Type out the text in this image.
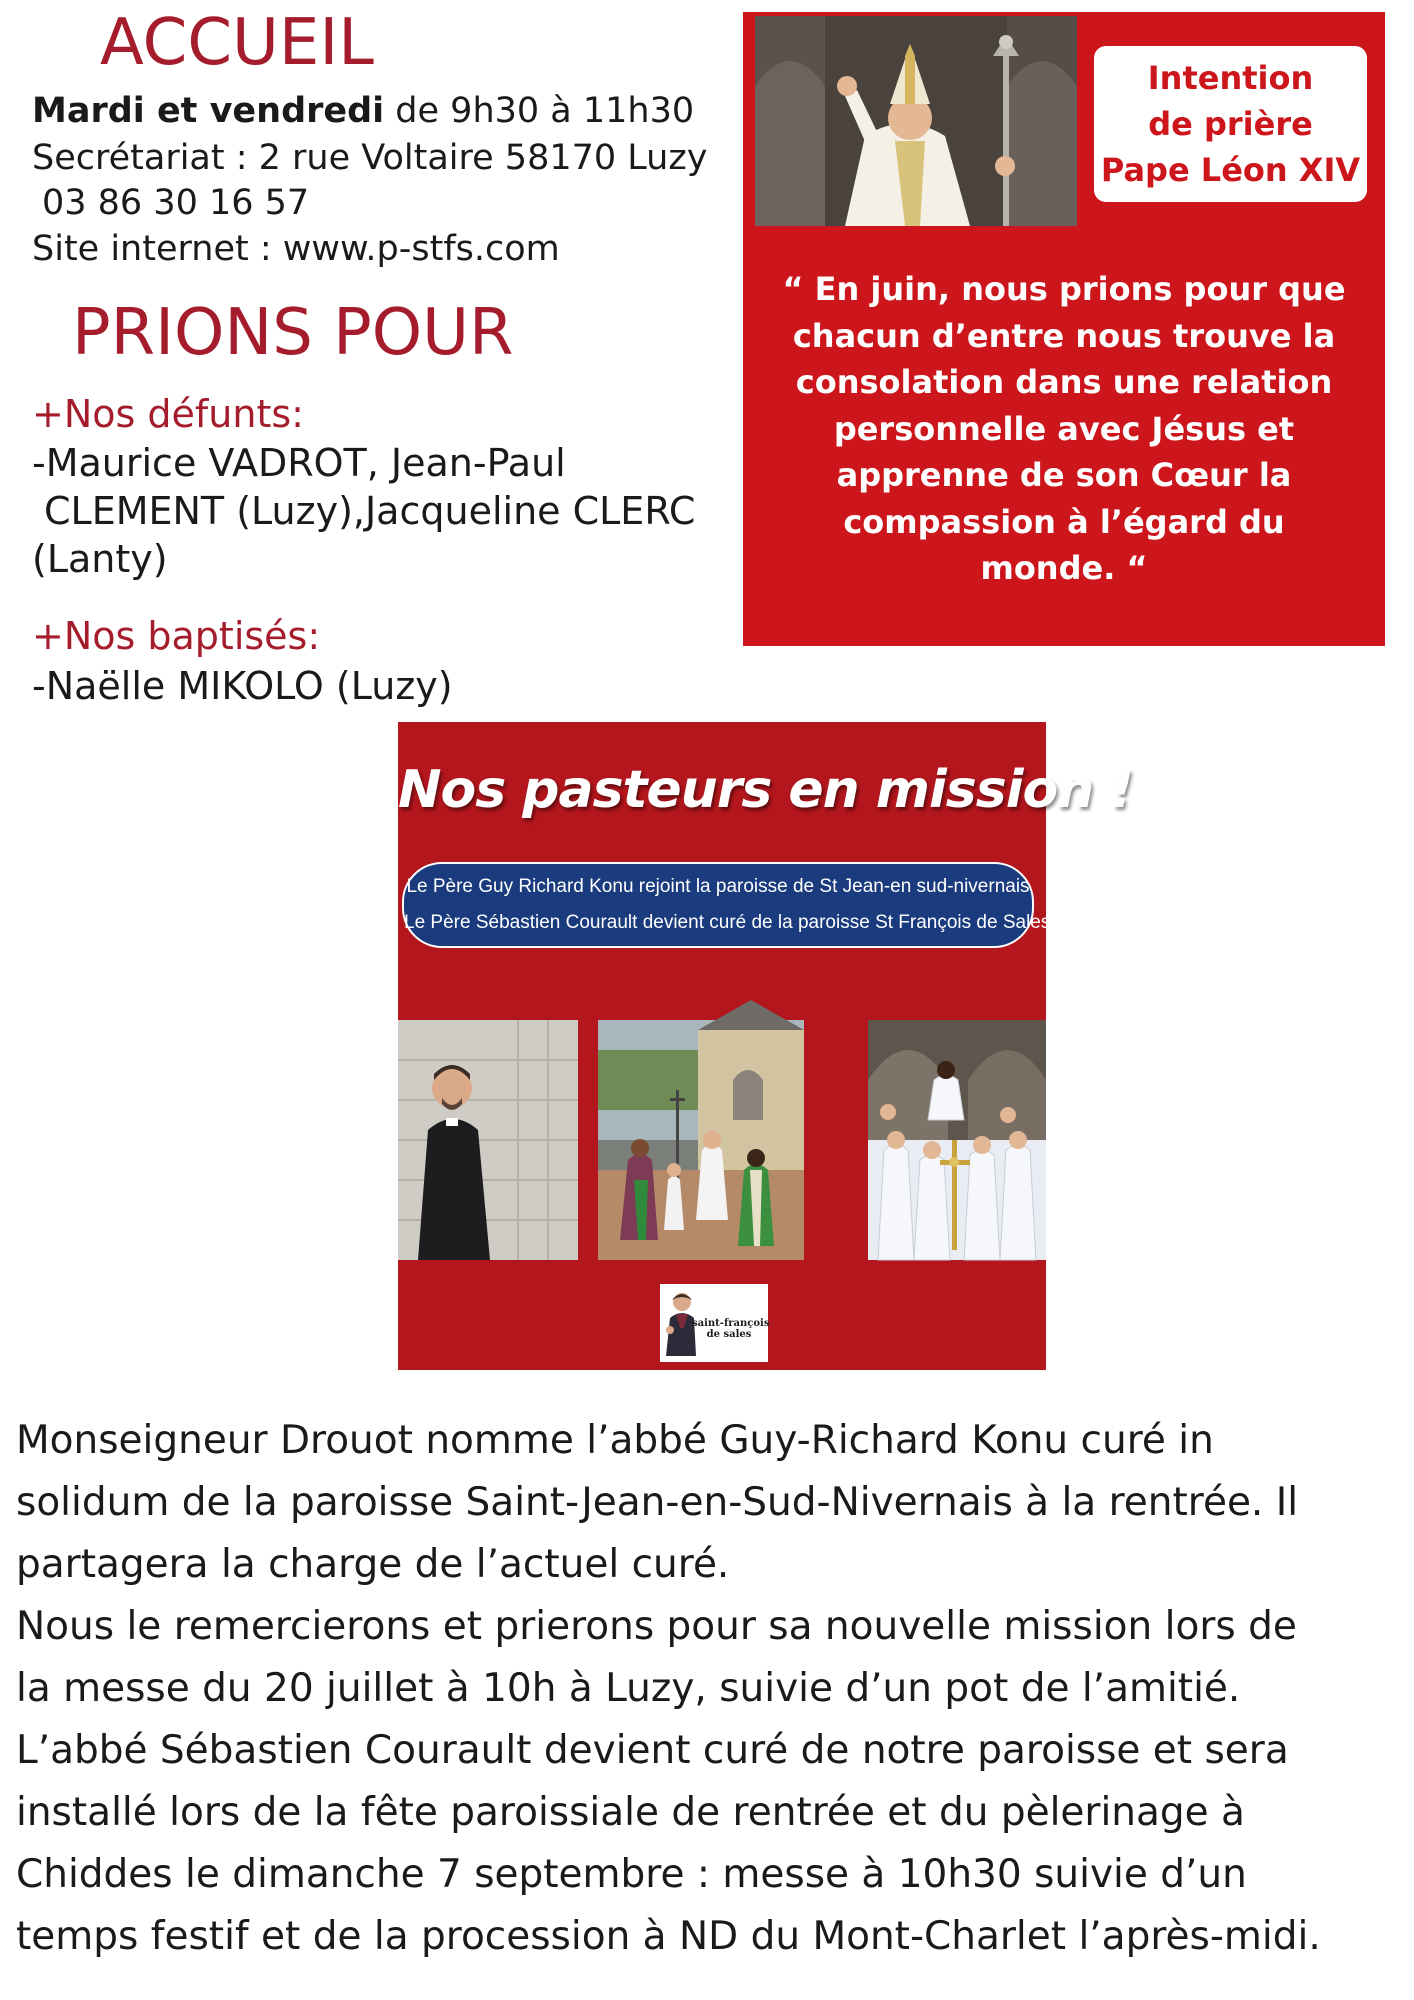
ACCUEIL
Mardi et vendredi de 9h30 à 11h30
Secrétariat : 2 rue Voltaire 58170 Luzy
03 86 30 16 57
Site internet : www.p-stfs.com
PRIONS POUR
+Nos défunts:
-Maurice VADROT, Jean-Paul
CLEMENT (Luzy),Jacqueline CLERC
(Lanty)
+Nos baptisés:
-Naëlle MIKOLO (Luzy)
Intention
de prière
Pape Léon XIV
“ En juin, nous prions pour que
chacun d’entre nous trouve la
consolation dans une relation
personnelle avec Jésus et
apprenne de son Cœur la
compassion à l’égard du
monde. “
Nos pasteurs en mission !
Le Père Guy Richard Konu rejoint la paroisse de St Jean-en sud-nivernais
Le Père Sébastien Courault devient curé de la paroisse St François de Sales
saint-françois
de sales
Monseigneur Drouot nomme l’abbé Guy-Richard Konu curé in
solidum de la paroisse Saint-Jean-en-Sud-Nivernais à la rentrée. Il
partagera la charge de l’actuel curé.
Nous le remercierons et prierons pour sa nouvelle mission lors de
la messe du 20 juillet à 10h à Luzy, suivie d’un pot de l’amitié.
L’abbé Sébastien Courault devient curé de notre paroisse et sera
installé lors de la fête paroissiale de rentrée et du pèlerinage à
Chiddes le dimanche 7 septembre : messe à 10h30 suivie d’un
temps festif et de la procession à ND du Mont-Charlet l’après-midi.
